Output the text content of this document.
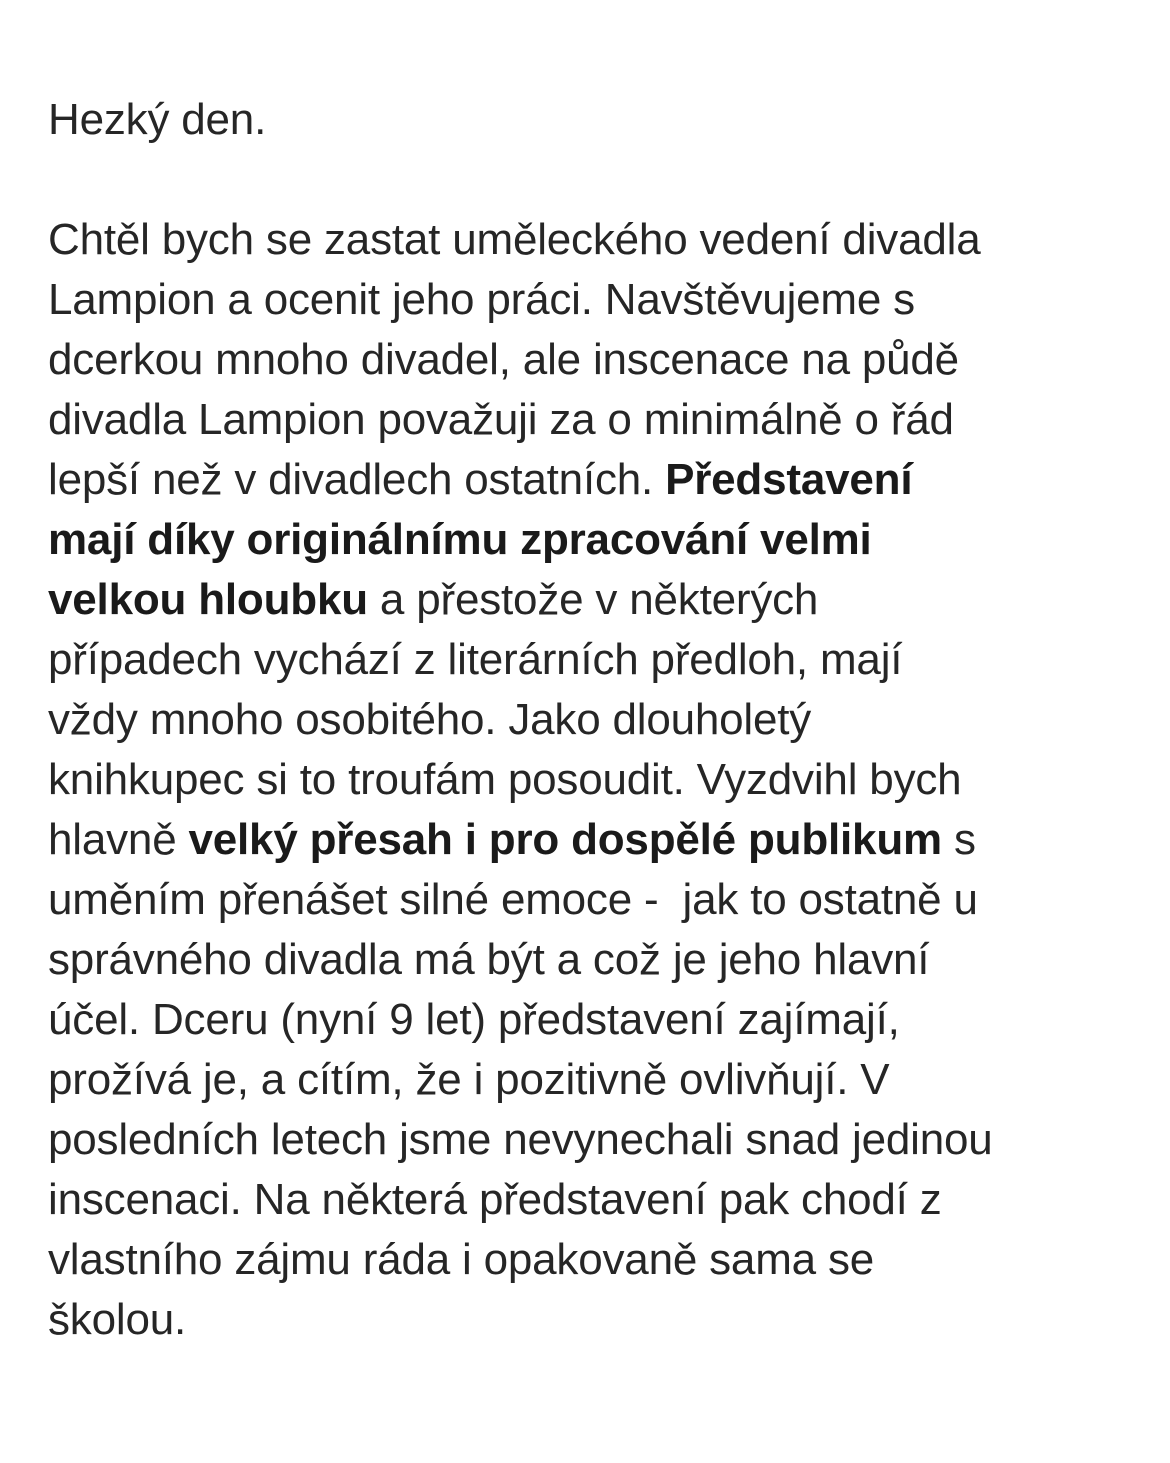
Hezký den.
Chtěl bych se zastat uměleckého vedení divadla
Lampion a ocenit jeho práci. Navštěvujeme s
dcerkou mnoho divadel, ale inscenace na půdě
divadla Lampion považuji za o minimálně o řád
lepší než v divadlech ostatních. Představení
mají díky originálnímu zpracování velmi
velkou hloubku a přestože v některých
případech vychází z literárních předloh, mají
vždy mnoho osobitého. Jako dlouholetý
knihkupec si to troufám posoudit. Vyzdvihl bych
hlavně velký přesah i pro dospělé publikum s
uměním přenášet silné emoce -  jak to ostatně u
správného divadla má být a což je jeho hlavní
účel. Dceru (nyní 9 let) představení zajímají,
prožívá je, a cítím, že i pozitivně ovlivňují. V
posledních letech jsme nevynechali snad jedinou
inscenaci. Na některá představení pak chodí z
vlastního zájmu ráda i opakovaně sama se
školou.
